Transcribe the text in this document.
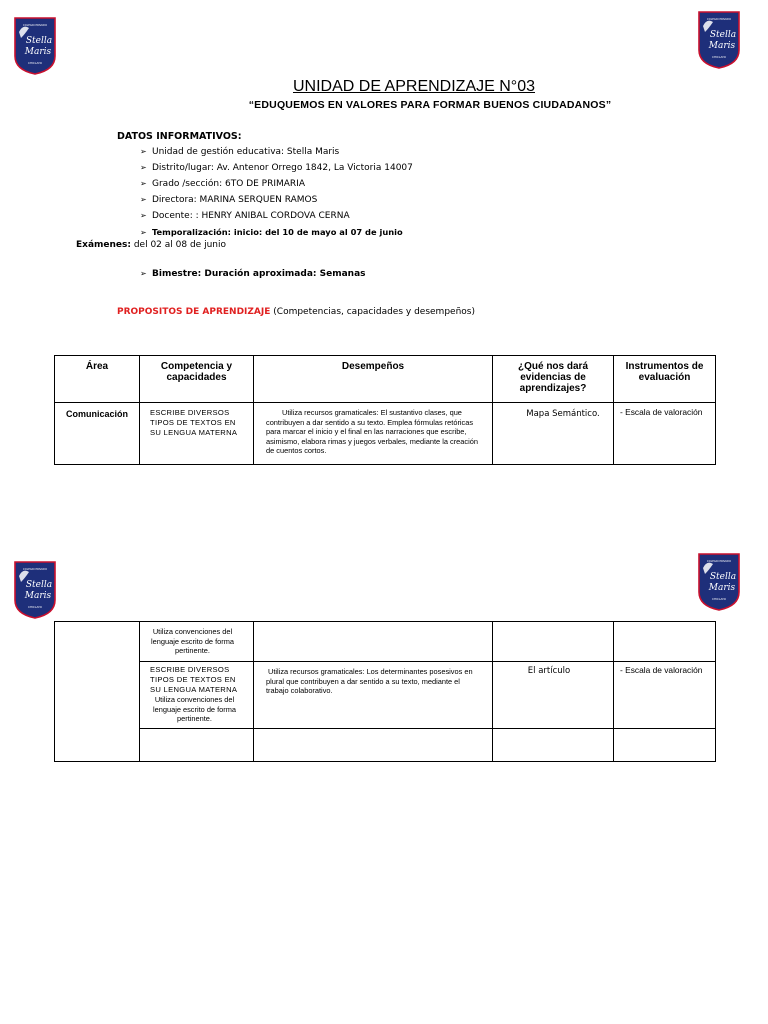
Stella
Maris
COLEGIO PRIVADO
CHICLAYO
Stella
Maris
COLEGIO PRIVADO
CHICLAYO
Stella
Maris
COLEGIO PRIVADO
CHICLAYO
Stella
Maris
COLEGIO PRIVADO
CHICLAYO
UNIDAD DE APRENDIZAJE N°03
“EDUQUEMOS EN VALORES PARA FORMAR BUENOS CIUDADANOS”
DATOS INFORMATIVOS:
➢ Unidad de gestión educativa: Stella Maris
➢ Distrito/lugar: Av. Antenor Orrego 1842, La Victoria 14007
➢ Grado /sección: 6TO DE PRIMARIA
➢ Directora: MARINA SERQUEN RAMOS
➢ Docente: : HENRY ANIBAL CORDOVA CERNA
➢ Temporalización: inicio: del 10 de mayo al 07 de junio
Exámenes: del 02 al 08 de junio
➢ Bimestre: Duración aproximada: Semanas
PROPOSITOS DE APRENDIZAJE (Competencias, capacidades y desempeños)
Área	Competencia y capacidades	Desempeños	¿Qué nos dará evidencias de aprendizajes?	Instrumentos de evaluación

Comunicación	ESCRIBE DIVERSOS TIPOS DE TEXTOS EN SU LENGUA MATERNA	Utiliza recursos gramaticales: El sustantivo clases, que contribuyen a dar sentido a su texto. Emplea fórmulas retóricas para marcar el inicio y el final en las narraciones que escribe, asimismo, elabora rimas y juegos verbales, mediante la creación de cuentos cortos.	Mapa Semántico.	- Escala de valoración

	Utiliza convenciones del lenguaje escrito de forma pertinente.			

	ESCRIBE DIVERSOS TIPOS DE TEXTOS EN SU LENGUA MATERNA
Utiliza convenciones del lenguaje escrito de forma pertinente.	Utiliza recursos gramaticales: Los determinantes posesivos en plural que contribuyen a dar sentido a su texto, mediante el trabajo colaborativo.	El artículo	- Escala de valoración
